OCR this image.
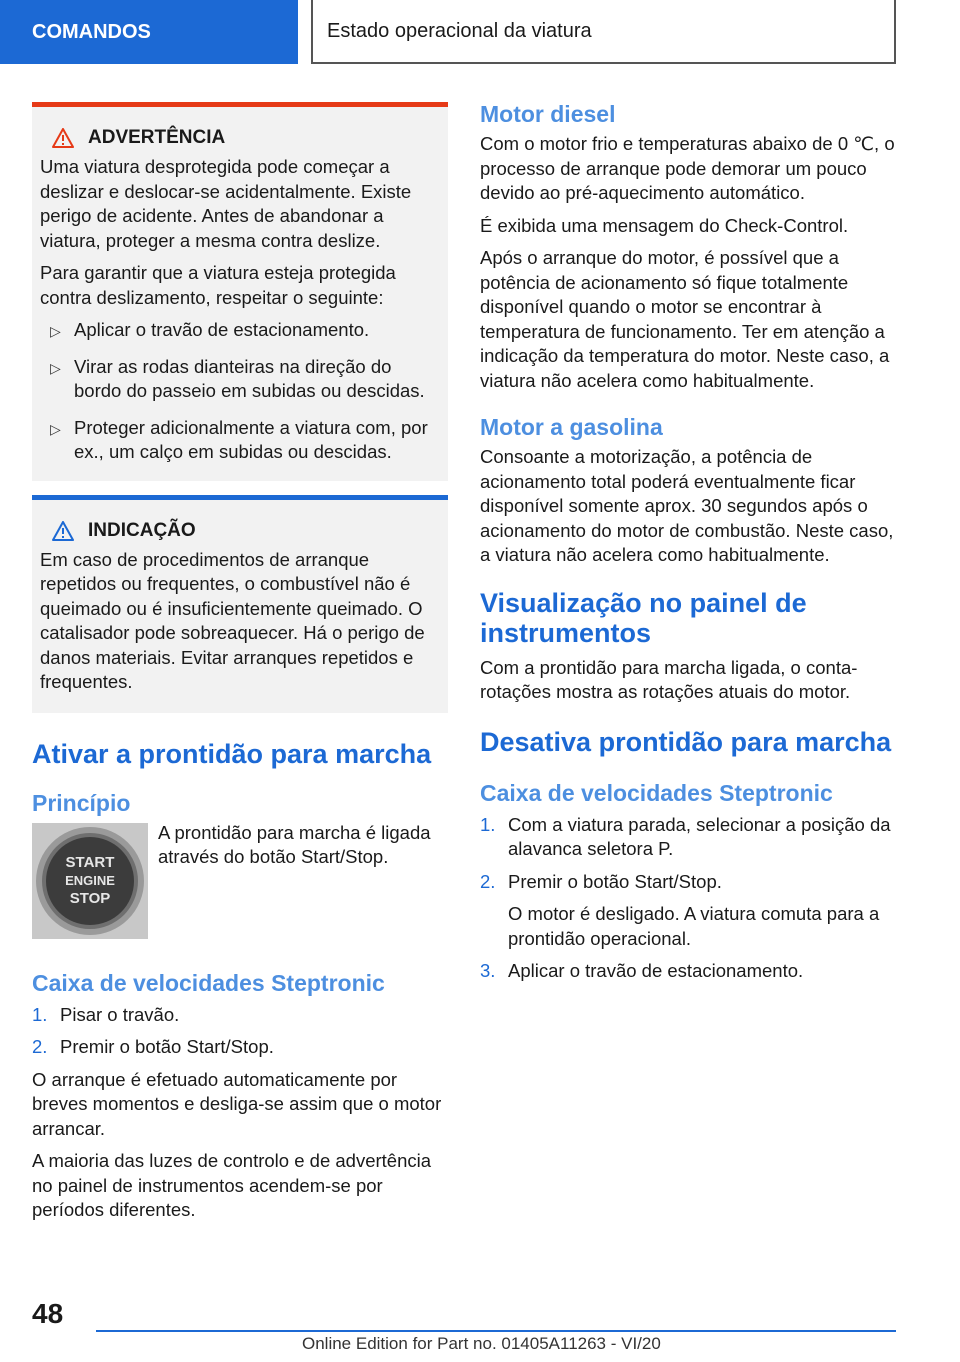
COMANDOS	Estado operacional da viatura
ADVERTÊNCIA

Uma viatura desprotegida pode começar a deslizar e deslocar-se acidentalmente. Existe perigo de acidente. Antes de abandonar a viatura, proteger a mesma contra deslize.

Para garantir que a viatura esteja protegida contra deslizamento, respeitar o seguinte:

▷ Aplicar o travão de estacionamento.
▷ Virar as rodas dianteiras na direção do bordo do passeio em subidas ou descidas.
▷ Proteger adicionalmente a viatura com, por ex., um calço em subidas ou descidas.
INDICAÇÃO

Em caso de procedimentos de arranque repetidos ou frequentes, o combustível não é queimado ou é insuficientemente queimado. O catalisador pode sobreaquecer. Há o perigo de danos materiais. Evitar arranques repetidos e frequentes.

Ativar a prontidão para marcha
Princípio
START
ENGINE
STOP

A prontidão para marcha é ligada através do botão Start/Stop.

Caixa de velocidades Steptronic
1. Pisar o travão.
2. Premir o botão Start/Stop.

O arranque é efetuado automaticamente por breves momentos e desliga-se assim que o motor arrancar.

A maioria das luzes de controlo e de advertência no painel de instrumentos acendem-se por períodos diferentes.

Motor diesel

Com o motor frio e temperaturas abaixo de 0 ℃, o processo de arranque pode demorar um pouco devido ao pré-aquecimento automático.

É exibida uma mensagem do Check-Control.

Após o arranque do motor, é possível que a potência de acionamento só fique totalmente disponível quando o motor se encontrar à temperatura de funcionamento. Ter em atenção a indicação da temperatura do motor. Neste caso, a viatura não acelera como habitualmente.

Motor a gasolina

Consoante a motorização, a potência de acionamento total poderá eventualmente ficar disponível somente aprox. 30 segundos após o acionamento do motor de combustão. Neste caso, a viatura não acelera como habitualmente.

Visualização no painel de instrumentos

Com a prontidão para marcha ligada, o conta-rotações mostra as rotações atuais do motor.

Desativa prontidão para marcha
Caixa de velocidades Steptronic
1. Com a viatura parada, selecionar a posição da alavanca seletora P.
2. Premir o botão Start/Stop.
O motor é desligado. A viatura comuta para a prontidão operacional.
3. Aplicar o travão de estacionamento.
48
Online Edition for Part no. 01405A11263 - VI/20
